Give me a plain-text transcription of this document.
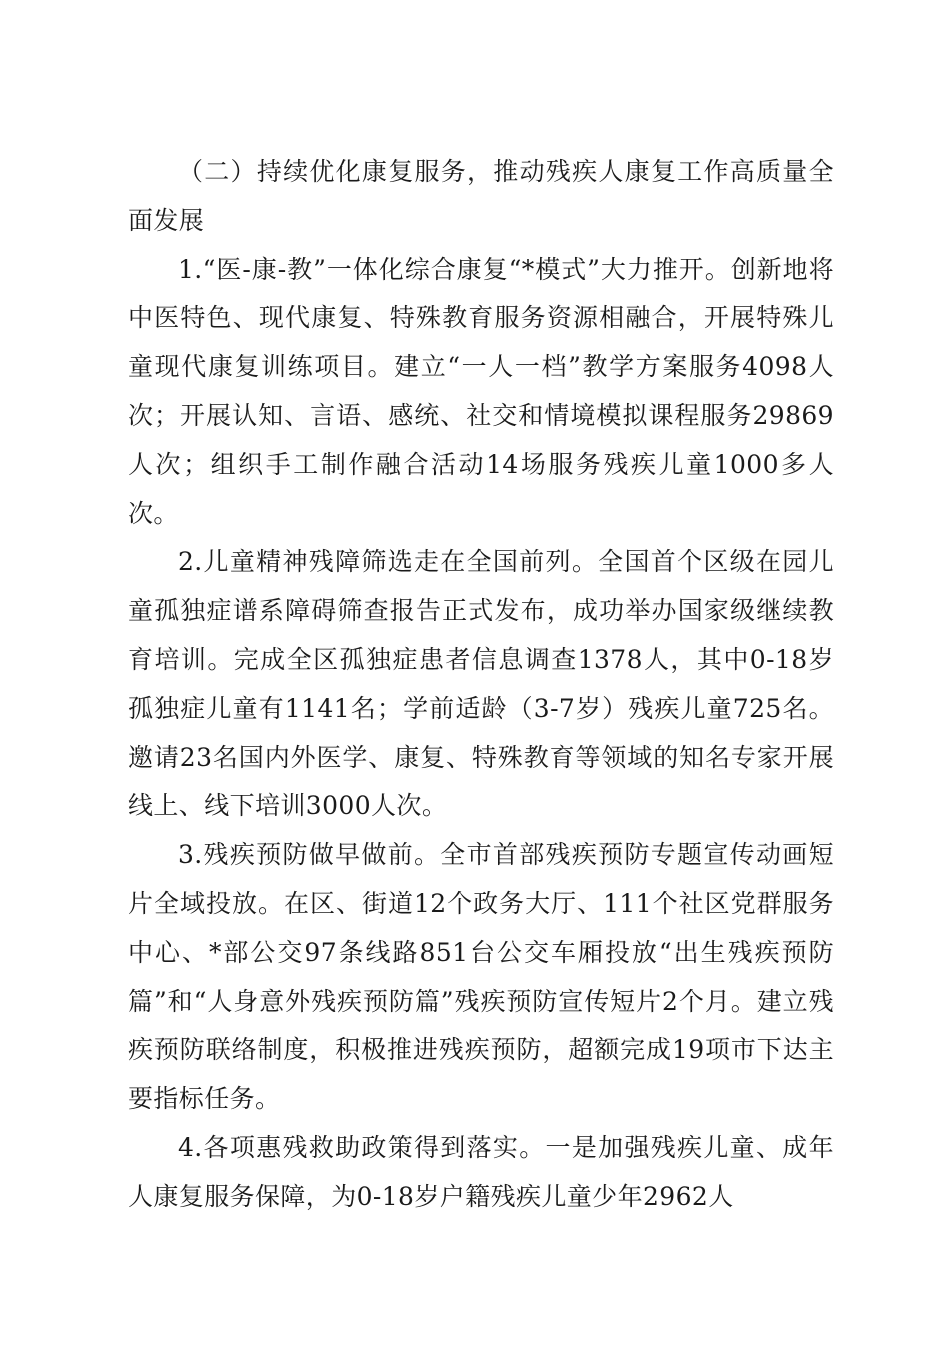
（二）持续优化康复服务，推动残疾人康复工作高质量全面发展

1.“医-康-教”一体化综合康复“*模式”大力推开。创新地将中医特色、现代康复、特殊教育服务资源相融合，开展特殊儿童现代康复训练项目。建立“一人一档”教学方案服务4098人次；开展认知、言语、感统、社交和情境模拟课程服务29869人次；组织手工制作融合活动14场服务残疾儿童1000多人次。

2.儿童精神残障筛选走在全国前列。全国首个区级在园儿童孤独症谱系障碍筛查报告正式发布，成功举办国家级继续教育培训。完成全区孤独症患者信息调查1378人，其中0-18岁孤独症儿童有1141名；学前适龄（3-7岁）残疾儿童725名。邀请23名国内外医学、康复、特殊教育等领域的知名专家开展线上、线下培训3000人次。

3.残疾预防做早做前。全市首部残疾预防专题宣传动画短片全域投放。在区、街道12个政务大厅、111个社区党群服务中心、*部公交97条线路851台公交车厢投放“出生残疾预防篇”和“人身意外残疾预防篇”残疾预防宣传短片2个月。建立残疾预防联络制度，积极推进残疾预防，超额完成19项市下达主要指标任务。

4.各项惠残救助政策得到落实。一是加强残疾儿童、成年人康复服务保障，为0-18岁户籍残疾儿童少年2962人
